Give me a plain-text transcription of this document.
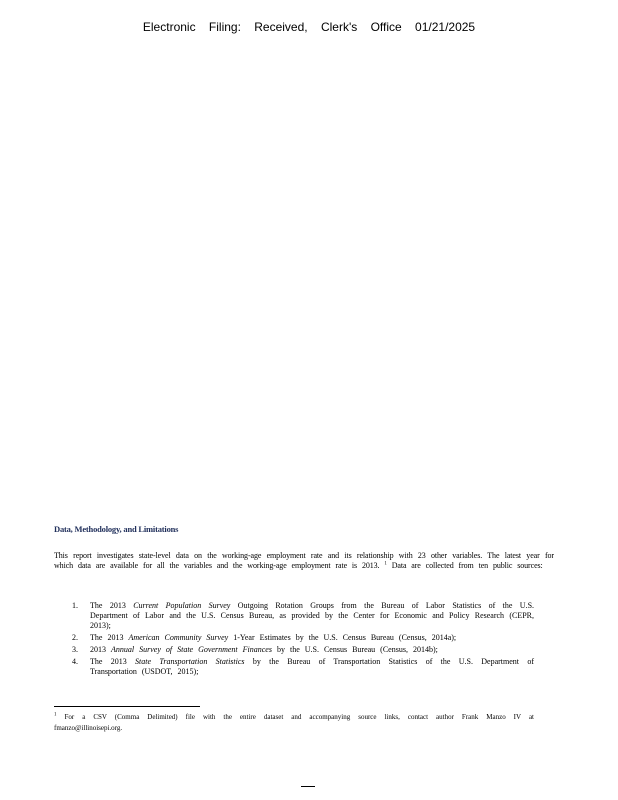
Electronic Filing: Received, Clerk's Office 01/21/2025
Data, Methodology, and Limitations
This report investigates state-level data on the working-age employment rate and its relationship with 23 other variables. The latest year for which data are available for all the variables and the working-age employment rate is 2013. $^1$ Data are collected from ten public sources:
1. The 2013 Current Population Survey Outgoing Rotation Groups from the Bureau of Labor Statistics of the U.S. Department of Labor and the U.S. Census Bureau, as provided by the Center for Economic and Policy Research (CEPR, 2013);
2. The 2013 American Community Survey 1-Year Estimates by the U.S. Census Bureau (Census, 2014a);
3. 2013 Annual Survey of State Government Finances by the U.S. Census Bureau (Census, 2014b);
4. The 2013 State Transportation Statistics by the Bureau of Transportation Statistics of the U.S. Department of Transportation (USDOT, 2015);
$^1$ For a CSV (Comma Delimited) file with the entire dataset and accompanying source links, contact author Frank Manzo IV at fmanzo@illinoisepi.org.
